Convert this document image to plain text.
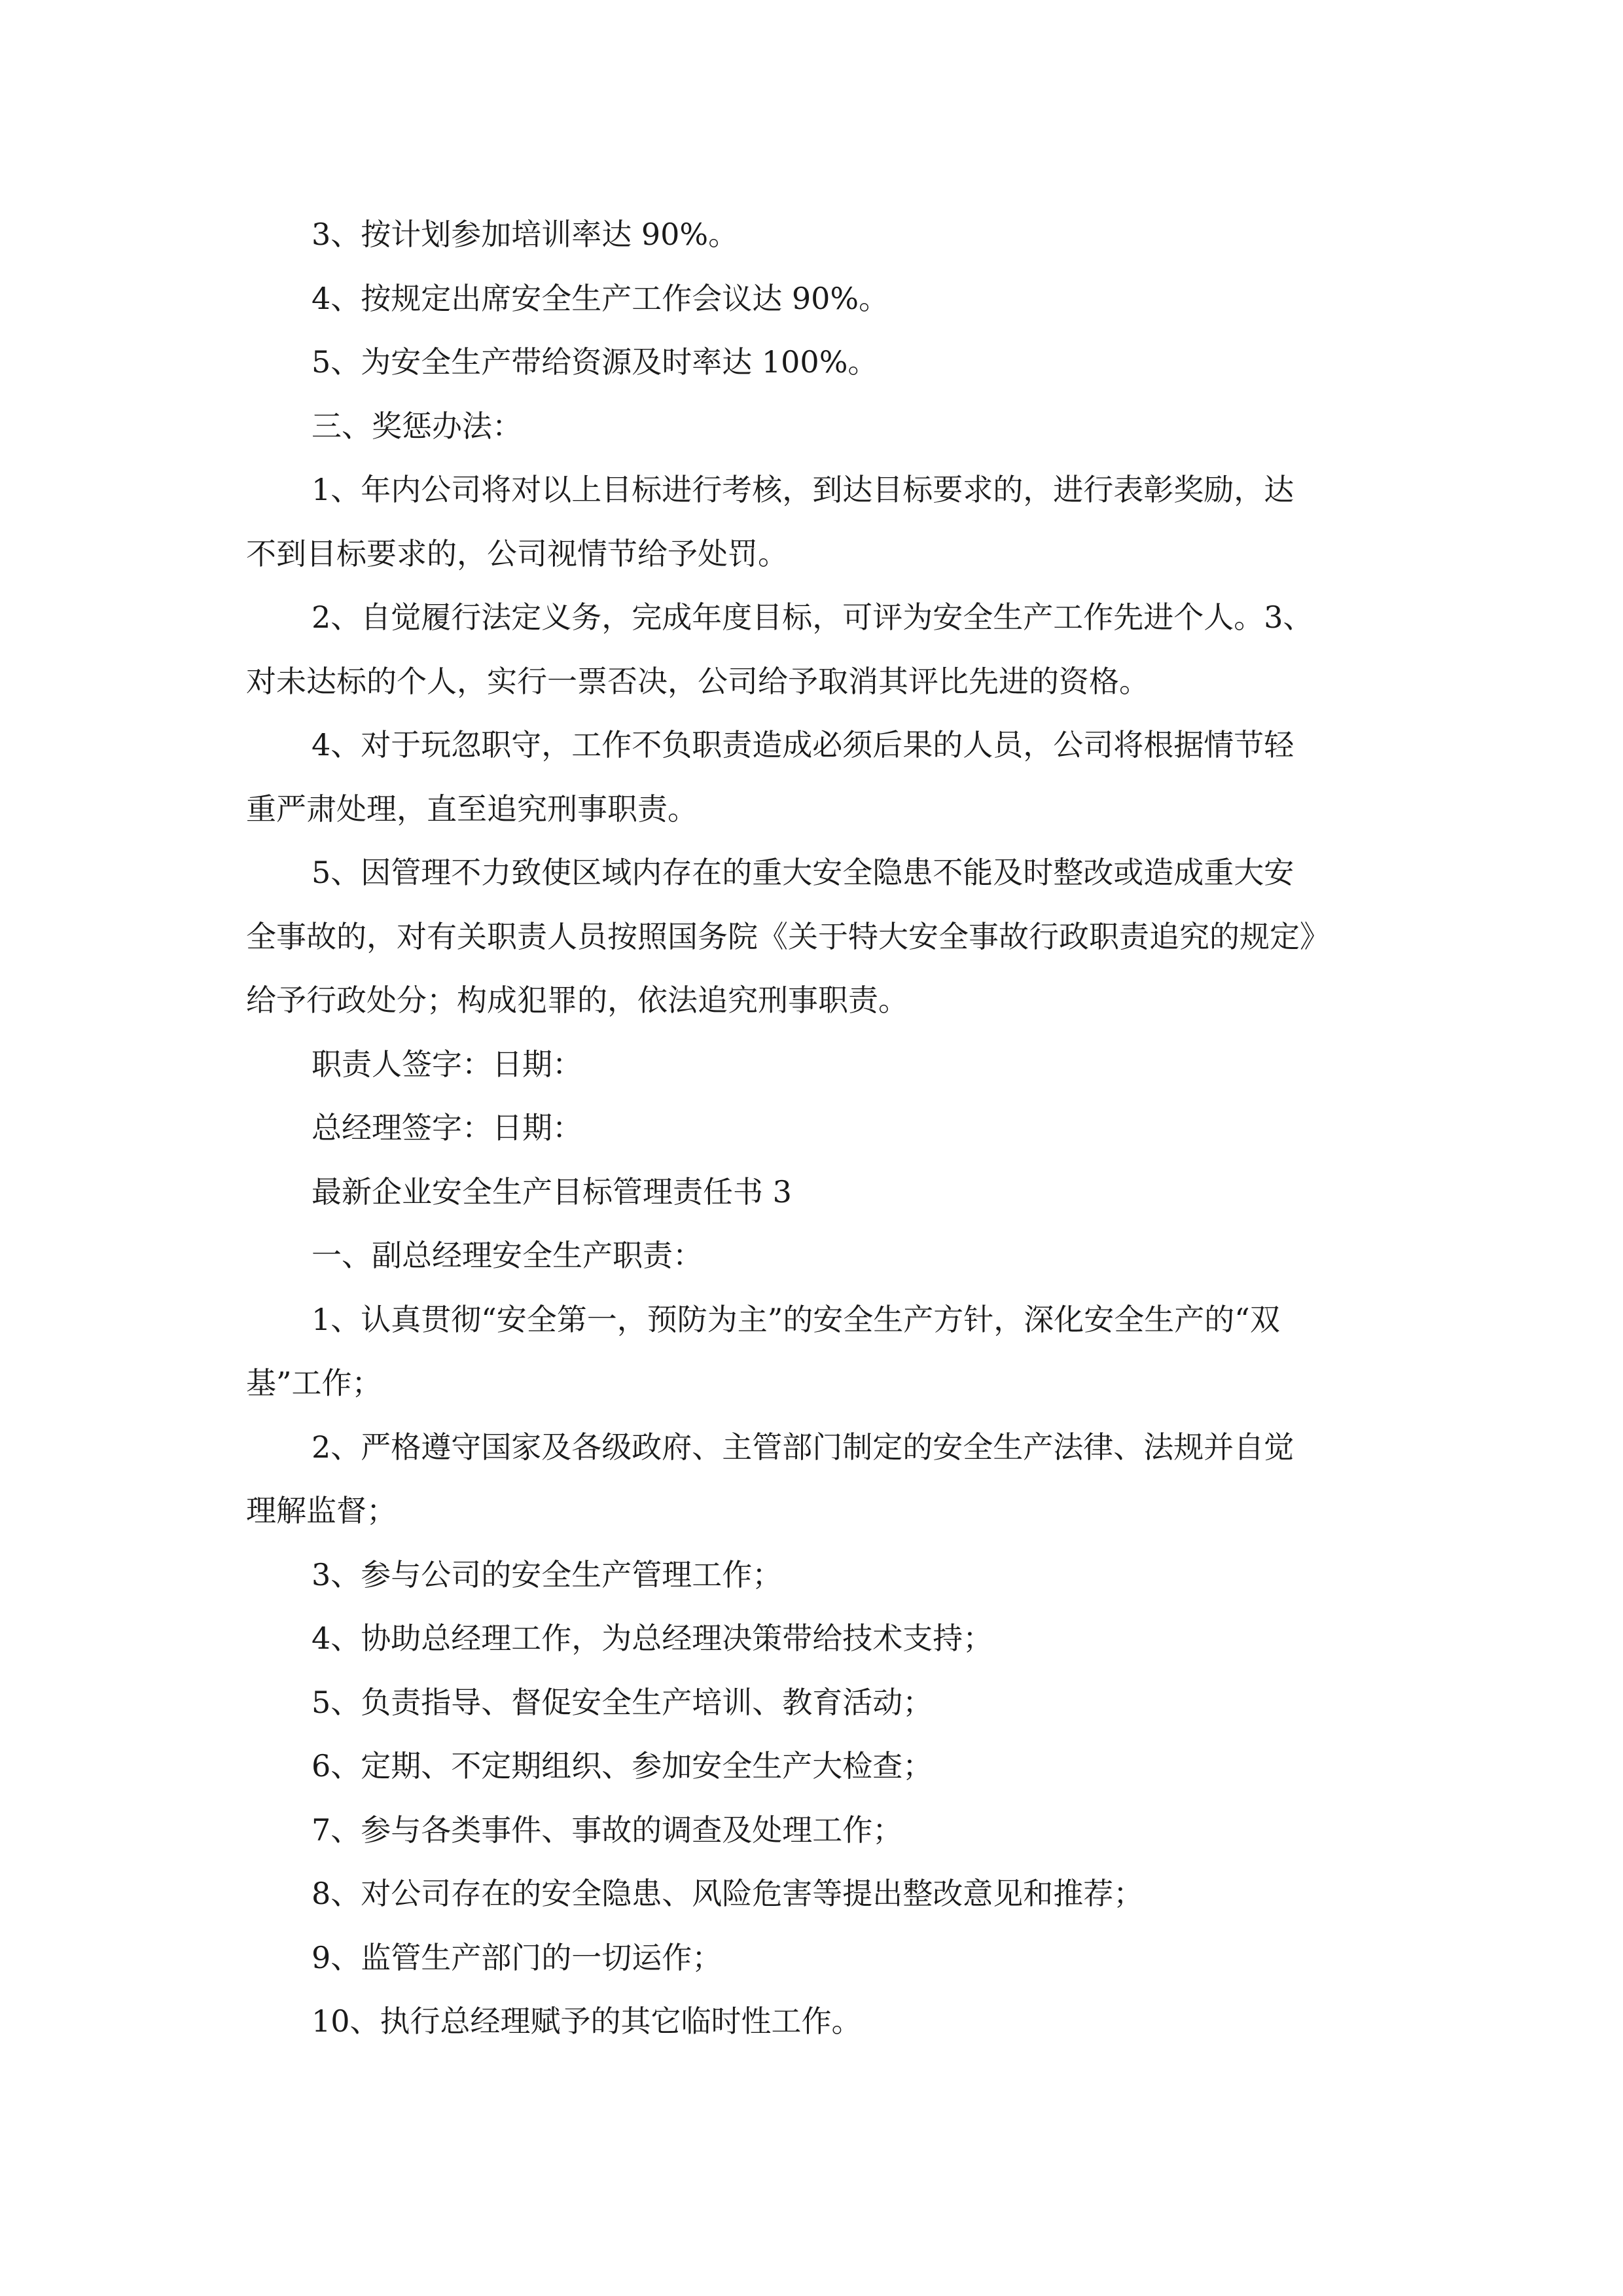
3、按计划参加培训率达 90%。
4、按规定出席安全生产工作会议达 90%。
5、为安全生产带给资源及时率达 100%。
三、奖惩办法：
1、年内公司将对以上目标进行考核，到达目标要求的，进行表彰奖励，达
不到目标要求的，公司视情节给予处罚。
2、自觉履行法定义务，完成年度目标，可评为安全生产工作先进个人。3、
对未达标的个人，实行一票否决，公司给予取消其评比先进的资格。
4、对于玩忽职守，工作不负职责造成必须后果的人员，公司将根据情节轻
重严肃处理，直至追究刑事职责。
5、因管理不力致使区域内存在的重大安全隐患不能及时整改或造成重大安
全事故的，对有关职责人员按照国务院《关于特大安全事故行政职责追究的规定》
给予行政处分；构成犯罪的，依法追究刑事职责。
职责人签字：日期：
总经理签字：日期：
最新企业安全生产目标管理责任书 3
一、副总经理安全生产职责：
1、认真贯彻“安全第一，预防为主”的安全生产方针，深化安全生产的“双
基”工作；
2、严格遵守国家及各级政府、主管部门制定的安全生产法律、法规并自觉
理解监督；
3、参与公司的安全生产管理工作；
4、协助总经理工作，为总经理决策带给技术支持；
5、负责指导、督促安全生产培训、教育活动；
6、定期、不定期组织、参加安全生产大检查；
7、参与各类事件、事故的调查及处理工作；
8、对公司存在的安全隐患、风险危害等提出整改意见和推荐；
9、监管生产部门的一切运作；
10、执行总经理赋予的其它临时性工作。
